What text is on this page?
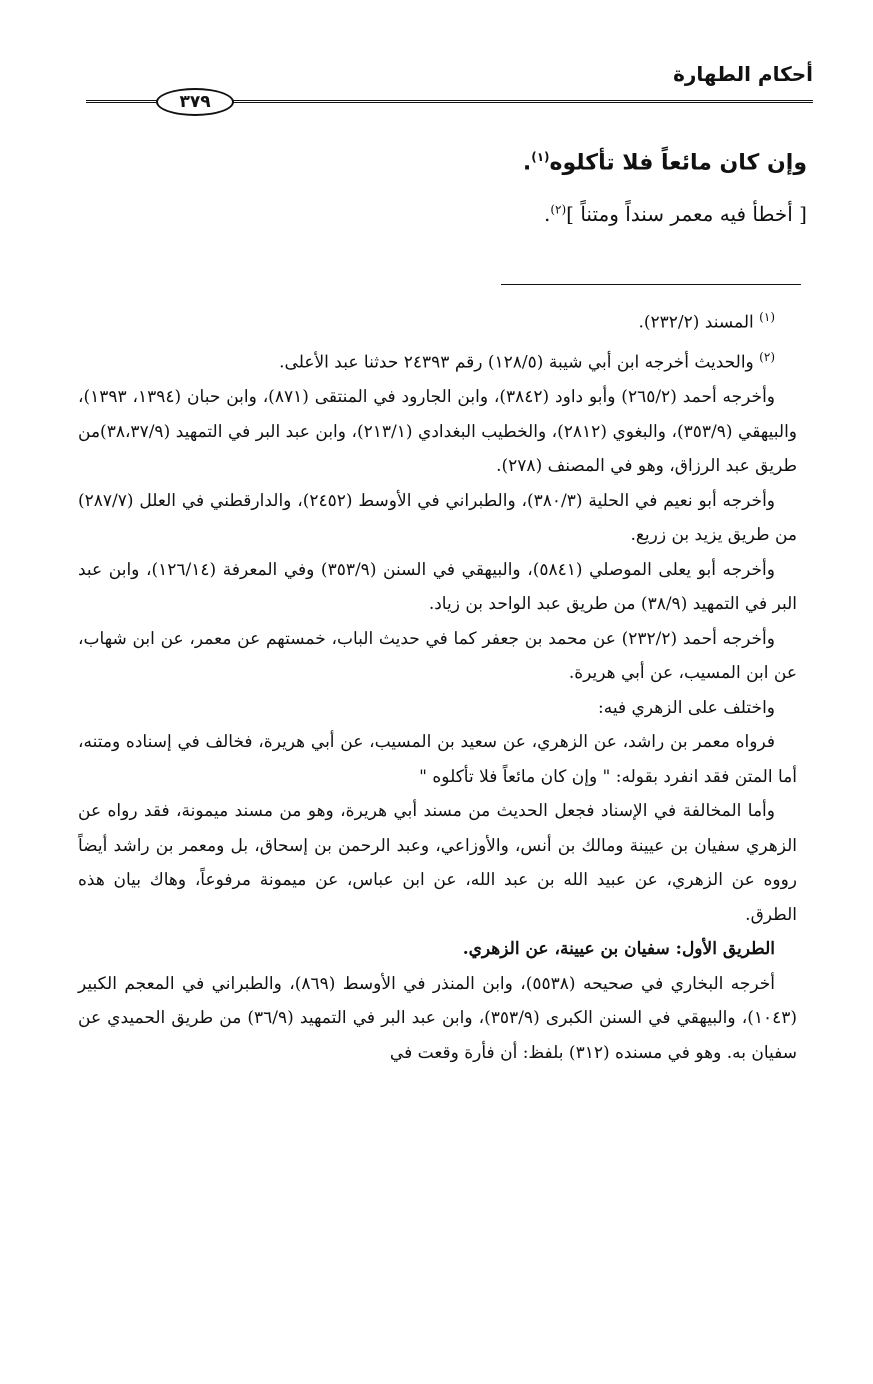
أحكام الطهارة
٣٧٩
وإن كان مائعاً فلا تأكلوه$^{(١)}$.
[ أخطأ فيه معمر سنداً ومتناً ]$^{(٢)}$.

$^{(١)}$ المسند (٢٣٢/٢).

$^{(٢)}$ والحديث أخرجه ابن أبي شيبة (١٢٨/٥) رقم ٢٤٣٩٣ حدثنا عبد الأعلى.

وأخرجه أحمد (٢٦٥/٢) وأبو داود (٣٨٤٢)، وابن الجارود في المنتقى (٨٧١)، وابن حبان (١٣٩٤، ١٣٩٣)، والبيهقي (٣٥٣/٩)، والبغوي (٢٨١٢)، والخطيب البغدادي (٢١٣/١)، وابن عبد البر في التمهيد (٣٨،٣٧/٩)من طريق عبد الرزاق، وهو في المصنف (٢٧٨).

وأخرجه أبو نعيم في الحلية (٣٨٠/٣)، والطبراني في الأوسط (٢٤٥٢)، والدارقطني في العلل (٢٨٧/٧) من طريق يزيد بن زريع.

وأخرجه أبو يعلى الموصلي (٥٨٤١)، والبيهقي في السنن (٣٥٣/٩) وفي المعرفة (١٢٦/١٤)، وابن عبد البر في التمهيد (٣٨/٩) من طريق عبد الواحد بن زياد.

وأخرجه أحمد (٢٣٢/٢) عن محمد بن جعفر كما في حديث الباب، خمستهم عن معمر، عن ابن شهاب، عن ابن المسيب، عن أبي هريرة.

واختلف على الزهري فيه:

فرواه معمر بن راشد، عن الزهري، عن سعيد بن المسيب، عن أبي هريرة، فخالف في إسناده ومتنه، أما المتن فقد انفرد بقوله: " وإن كان مائعاً فلا تأكلوه "

وأما المخالفة في الإسناد فجعل الحديث من مسند أبي هريرة، وهو من مسند ميمونة، فقد رواه عن الزهري سفيان بن عيينة ومالك بن أنس، والأوزاعي، وعبد الرحمن بن إسحاق، بل ومعمر بن راشد أيضاً رووه عن الزهري، عن عبيد الله بن عبد الله، عن ابن عباس، عن ميمونة مرفوعاً، وهاك بيان هذه الطرق.

الطريق الأول: سفيان بن عيينة، عن الزهري.

أخرجه البخاري في صحيحه (٥٥٣٨)، وابن المنذر في الأوسط (٨٦٩)، والطبراني في المعجم الكبير (١٠٤٣)، والبيهقي في السنن الكبرى (٣٥٣/٩)، وابن عبد البر في التمهيد (٣٦/٩) من طريق الحميدي عن سفيان به. وهو في مسنده (٣١٢) بلفظ: أن فأرة وقعت في
